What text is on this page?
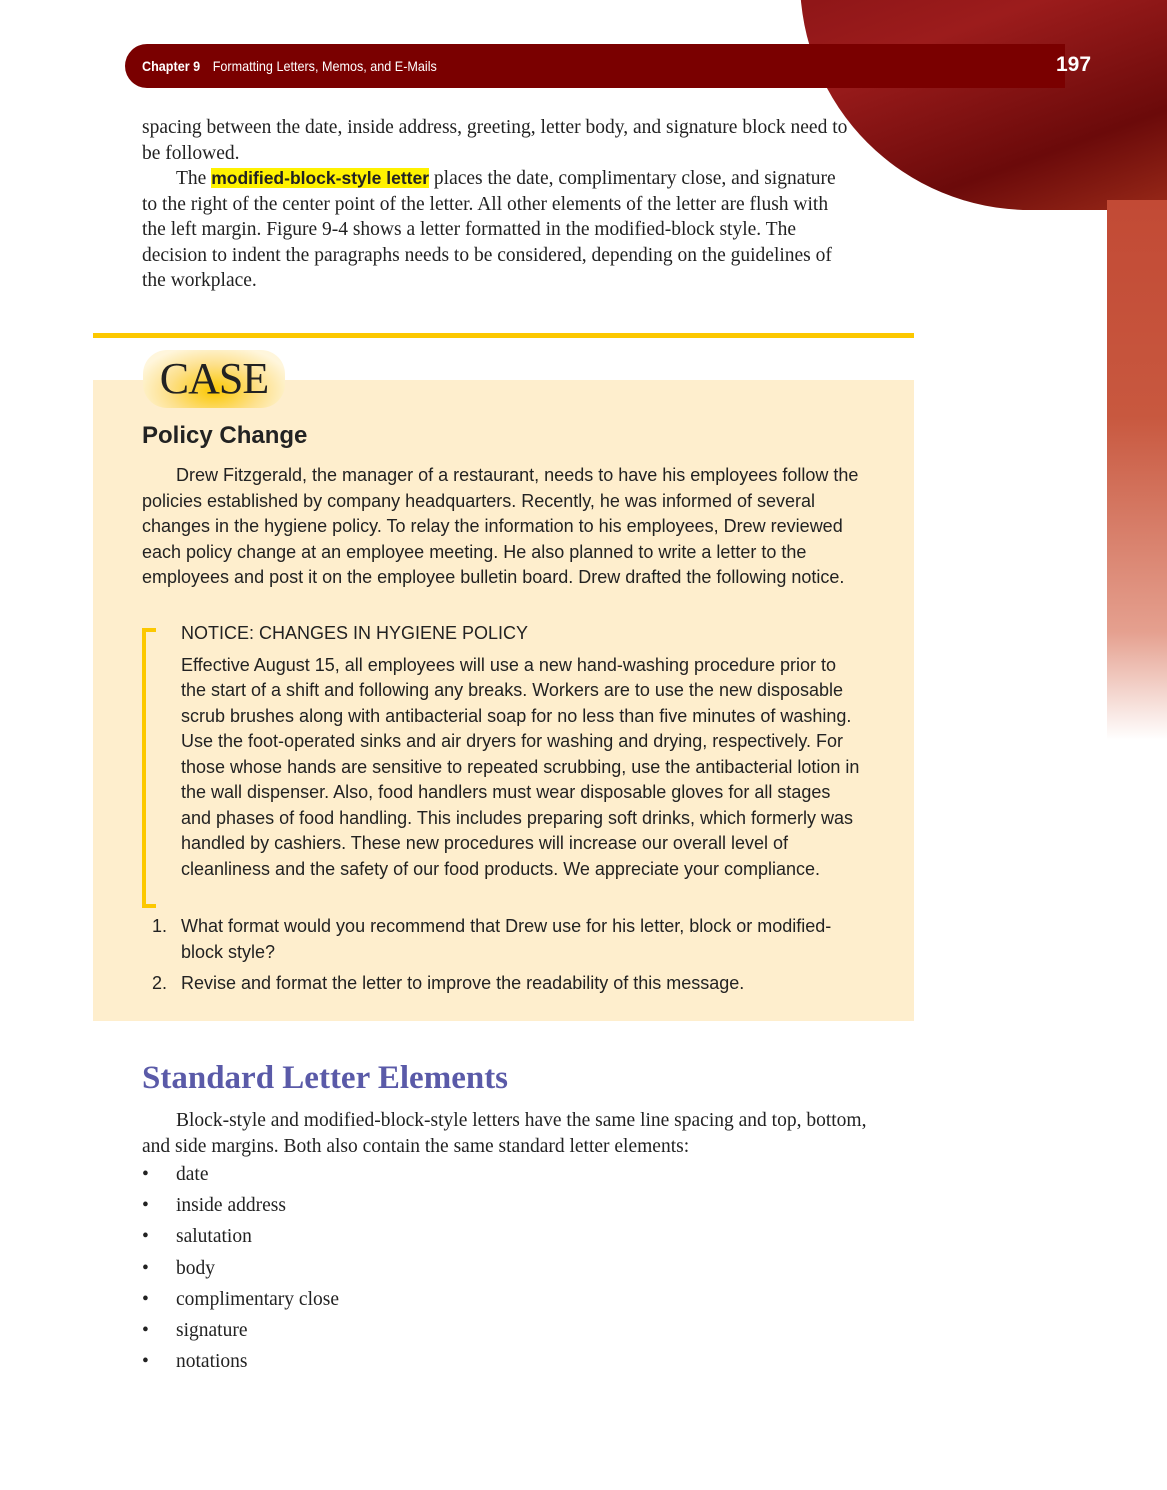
Chapter 9 Formatting Letters, Memos, and E-Mails	197

spacing between the date, inside address, greeting, letter body, and signature block need to be followed.

The modified-block-style letter places the date, complimentary close, and signature to the right of the center point of the letter. All other elements of the letter are flush with the left margin. Figure 9-4 shows a letter formatted in the modified-block style. The decision to indent the paragraphs needs to be considered, depending on the guidelines of the workplace.

CASE
Policy Change

Drew Fitzgerald, the manager of a restaurant, needs to have his employees follow the policies established by company headquarters. Recently, he was informed of several changes in the hygiene policy. To relay the information to his employees, Drew reviewed each policy change at an employee meeting. He also planned to write a letter to the employees and post it on the employee bulletin board. Drew drafted the following notice.

NOTICE: CHANGES IN HYGIENE POLICY

Effective August 15, all employees will use a new hand-washing procedure prior to the start of a shift and following any breaks. Workers are to use the new disposable scrub brushes along with antibacterial soap for no less than five minutes of washing. Use the foot-operated sinks and air dryers for washing and drying, respectively. For those whose hands are sensitive to repeated scrubbing, use the antibacterial lotion in the wall dispenser. Also, food handlers must wear disposable gloves for all stages and phases of food handling. This includes preparing soft drinks, which formerly was handled by cashiers. These new procedures will increase our overall level of cleanliness and the safety of our food products. We appreciate your compliance.

1. What format would you recommend that Drew use for his letter, block or modified-block style?
2. Revise and format the letter to improve the readability of this message.
Standard Letter Elements

Block-style and modified-block-style letters have the same line spacing and top, bottom, and side margins. Both also contain the same standard letter elements:

•	date
•	inside address
•	salutation
•	body
•	complimentary close
•	signature
•	notations
